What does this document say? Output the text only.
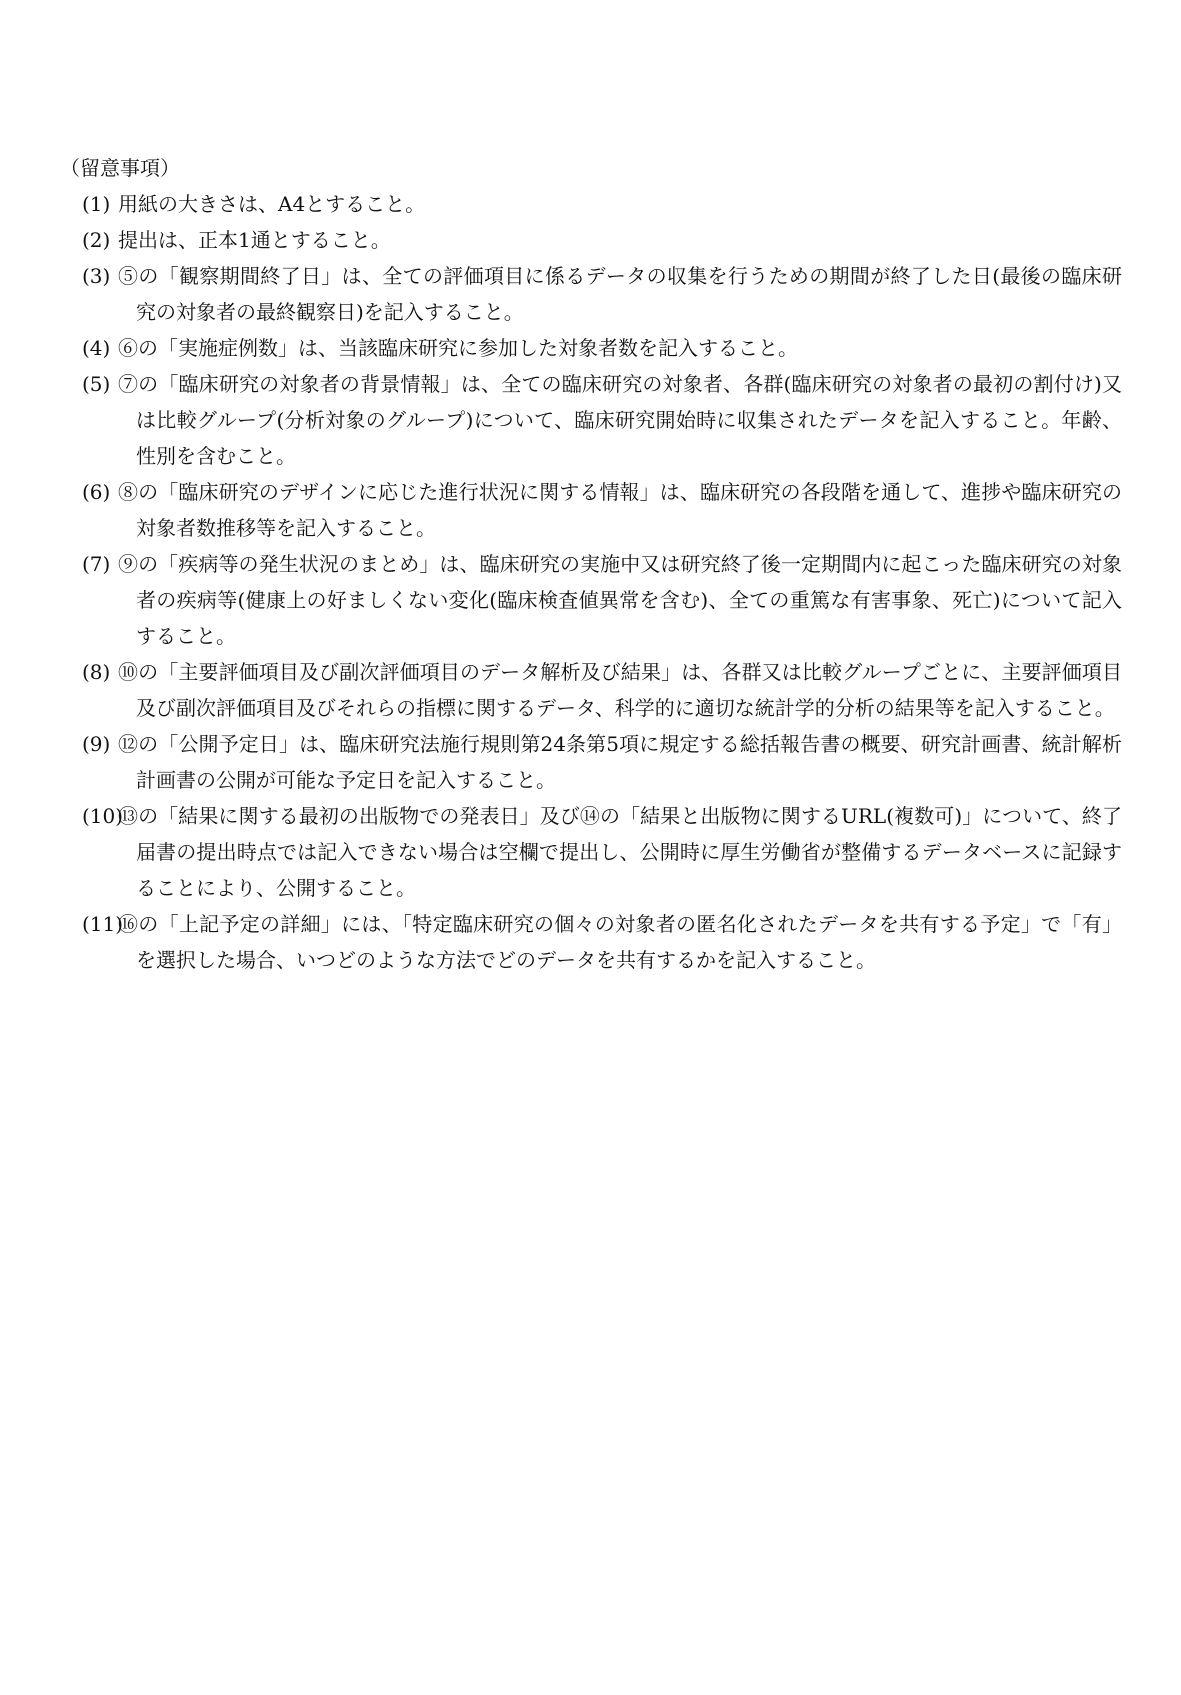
（留意事項）
(1) 用紙の大きさは、A4とすること。
(2) 提出は、正本1通とすること。
(3) ⑤の「観察期間終了日」は、全ての評価項目に係るデータの収集を行うための期間が終了した日(最後の臨床研究の対象者の最終観察日)を記入すること。
(4) ⑥の「実施症例数」は、当該臨床研究に参加した対象者数を記入すること。
(5) ⑦の「臨床研究の対象者の背景情報」は、全ての臨床研究の対象者、各群(臨床研究の対象者の最初の割付け)又は比較グループ(分析対象のグループ)について、臨床研究開始時に収集されたデータを記入すること。年齢、性別を含むこと。
(6) ⑧の「臨床研究のデザインに応じた進行状況に関する情報」は、臨床研究の各段階を通して、進捗や臨床研究の対象者数推移等を記入すること。
(7) ⑨の「疾病等の発生状況のまとめ」は、臨床研究の実施中又は研究終了後一定期間内に起こった臨床研究の対象者の疾病等(健康上の好ましくない変化(臨床検査値異常を含む)、全ての重篤な有害事象、死亡)について記入すること。
(8) ⑩の「主要評価項目及び副次評価項目のデータ解析及び結果」は、各群又は比較グループごとに、主要評価項目及び副次評価項目及びそれらの指標に関するデータ、科学的に適切な統計学的分析の結果等を記入すること。
(9) ⑫の「公開予定日」は、臨床研究法施行規則第24条第5項に規定する総括報告書の概要、研究計画書、統計解析計画書の公開が可能な予定日を記入すること。
(10)
⑬の「結果に関する最初の出版物での発表日」及び⑭の「結果と出版物に関するURL(複数可)」について、終了届書の提出時点では記入できない場合は空欄で提出し、公開時に厚生労働省が整備するデータベースに記録することにより、公開すること。
(11)
⑯の「上記予定の詳細」には、「特定臨床研究の個々の対象者の匿名化されたデータを共有する予定」で「有」を選択した場合、いつどのような方法でどのデータを共有するかを記入すること。
